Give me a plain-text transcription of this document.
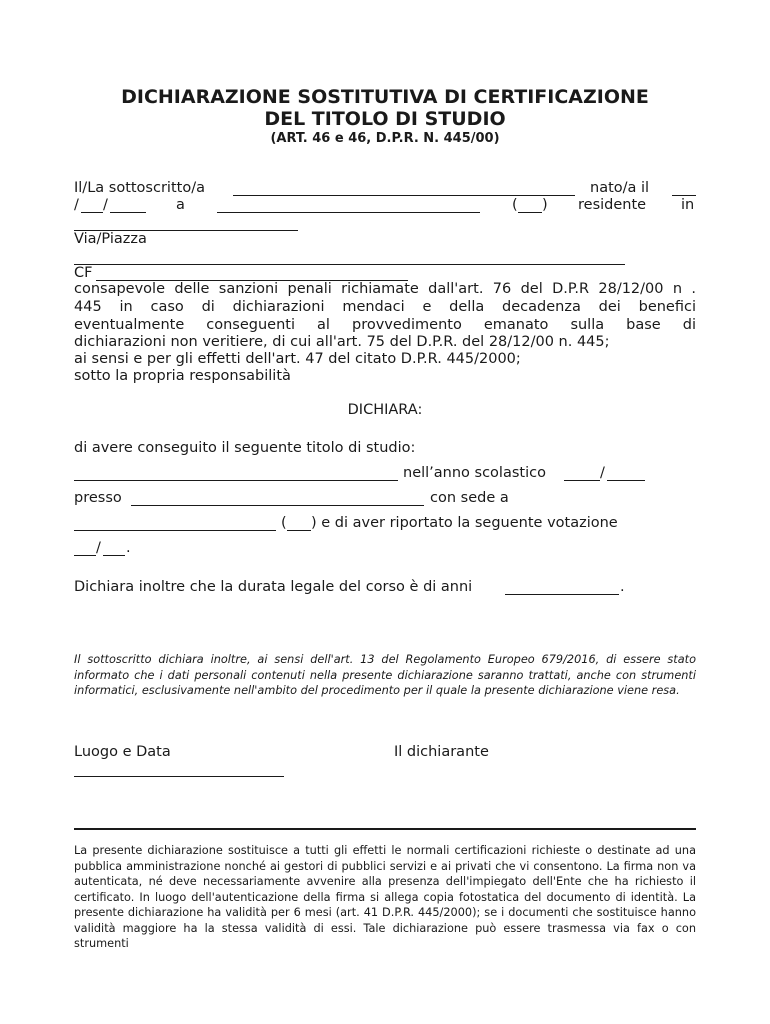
DICHIARAZIONE SOSTITUTIVA DI CERTIFICAZIONE
DEL TITOLO DI STUDIO
(ART. 46 e 46, D.P.R. N. 445/00)
Il/La sottoscritto/a	nato/a il
/ /	a	( ) residente in
Via/Piazza
CF
consapevole delle sanzioni penali richiamate dall'art. 76 del D.P.R 28/12/00 n .
445 in caso di dichiarazioni mendaci e della decadenza dei benefici
eventualmente conseguenti al provvedimento emanato sulla base di
dichiarazioni non veritiere, di cui all'art. 75 del D.P.R. del 28/12/00 n. 445;
ai sensi e per gli effetti dell'art. 47 del citato D.P.R. 445/2000;
sotto la propria responsabilità
DICHIARA:
di avere conseguito il seguente titolo di studio:
nell’anno scolastico	/
presso	con sede a
( ) e di aver riportato la seguente votazione
/ .
Dichiara inoltre che la durata legale del corso è di anni	.

Il sottoscritto dichiara inoltre, ai sensi dell'art. 13 del Regolamento Europeo 679/2016, di essere stato informato che i dati personali contenuti nella presente dichiarazione saranno trattati, anche con strumenti informatici, esclusivamente nell'ambito del procedimento per il quale la presente dichiarazione viene resa.

Luogo e Data	Il dichiarante

La presente dichiarazione sostituisce a tutti gli effetti le normali certificazioni richieste o destinate ad una pubblica amministrazione nonché ai gestori di pubblici servizi e ai privati che vi consentono. La firma non va autenticata, né deve necessariamente avvenire alla presenza dell'impiegato dell'Ente che ha richiesto il certificato. In luogo dell'autenticazione della firma si allega copia fotostatica del documento di identità. La presente dichiarazione ha validità per 6 mesi (art. 41 D.P.R. 445/2000); se i documenti che sostituisce hanno validità maggiore ha la stessa validità di essi. Tale dichiarazione può essere trasmessa via fax o con strumenti
